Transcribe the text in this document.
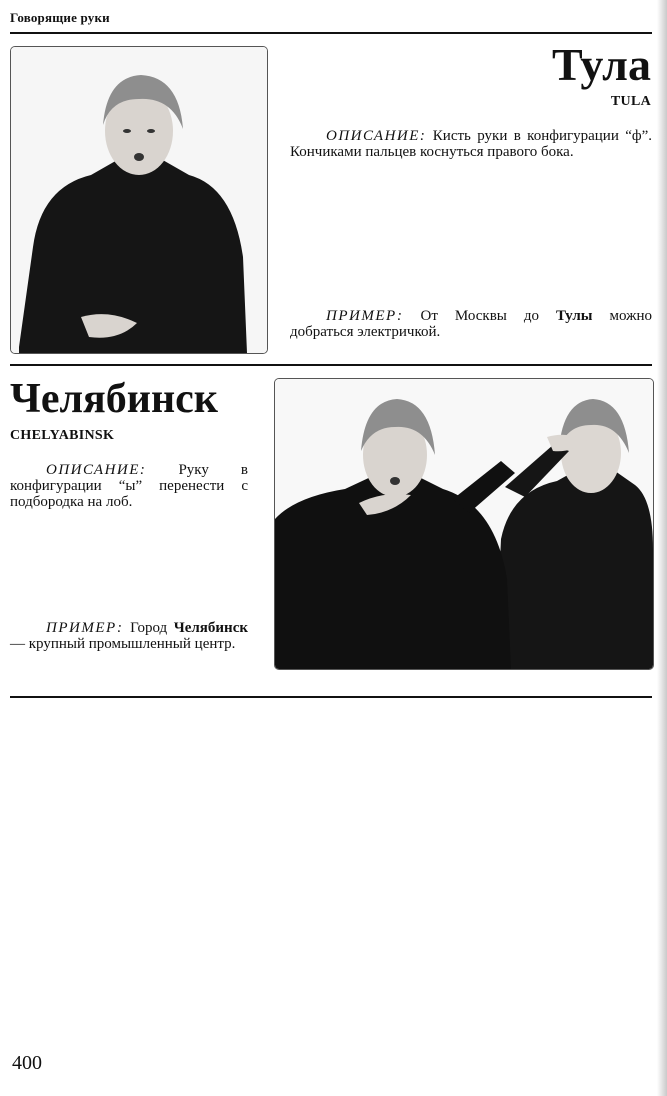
Говорящие руки
Тула
TULA
ОПИСАНИЕ: Кисть руки в конфигурации “ф”. Кончиками пальцев коснуться правого бока.
ПРИМЕР: От Москвы до Тулы можно добраться электричкой.
Челябинск
CHELYABINSK
ОПИСАНИЕ: Руку в конфигурации “ы” перенести с подбородка на лоб.
ПРИМЕР: Город Челябинск — крупный промышленный центр.
400
